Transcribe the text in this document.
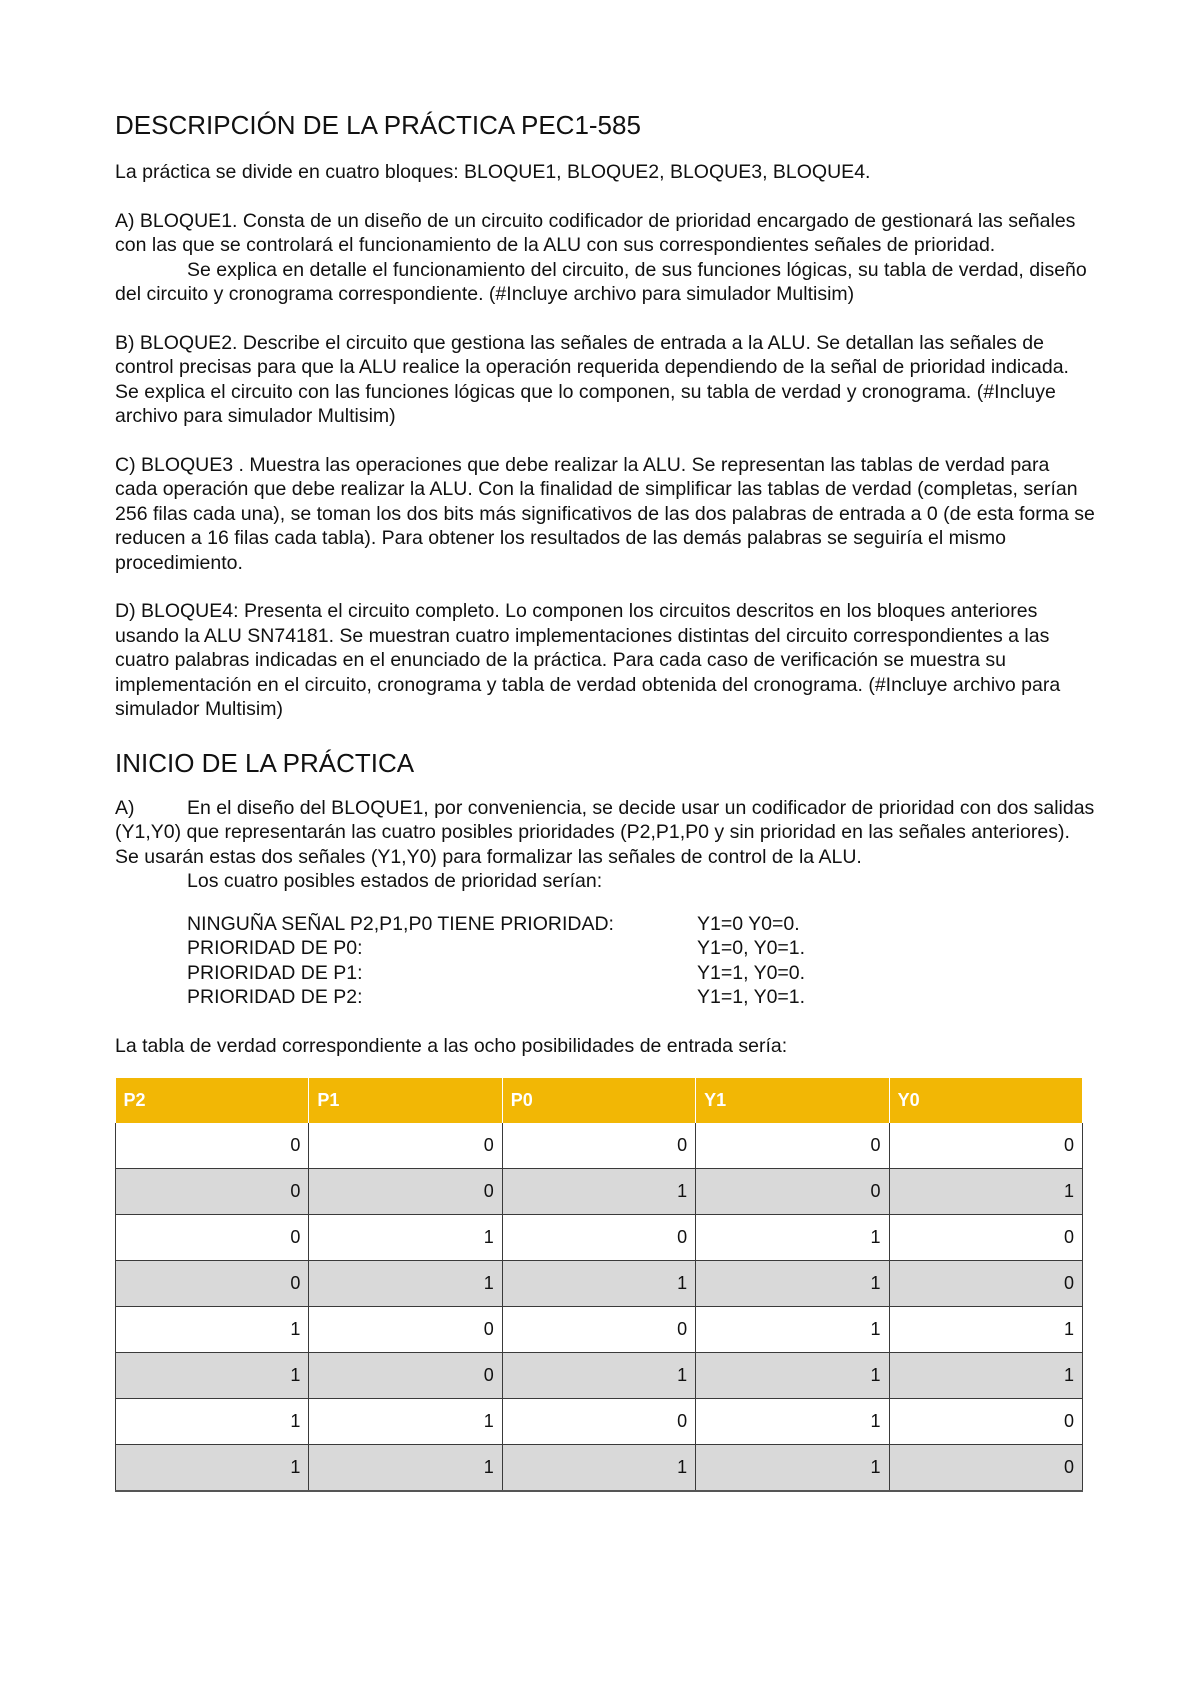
DESCRIPCIÓN DE LA PRÁCTICA PEC1-585

La práctica se divide en cuatro bloques: BLOQUE1, BLOQUE2, BLOQUE3, BLOQUE4.

A) BLOQUE1. Consta de un diseño de un circuito codificador de prioridad encargado de gestionará las señales con las que se controlará el funcionamiento de la ALU con sus correspondientes señales de prioridad.
Se explica en detalle el funcionamiento del circuito, de sus funciones lógicas, su tabla de verdad, diseño del circuito y cronograma correspondiente. (#Incluye archivo para simulador Multisim)

B) BLOQUE2. Describe el circuito que gestiona las señales de entrada a la ALU. Se detallan las señales de control precisas para que la ALU realice la operación requerida dependiendo de la señal de prioridad indicada. Se explica el circuito con las funciones lógicas que lo componen, su tabla de verdad y cronograma. (#Incluye archivo para simulador Multisim)

C) BLOQUE3 . Muestra las operaciones que debe realizar la ALU. Se representan las tablas de verdad para cada operación que debe realizar la ALU. Con la finalidad de simplificar las tablas de verdad (completas, serían 256 filas cada una), se toman los dos bits más significativos de las dos palabras de entrada a 0 (de esta forma se reducen a 16 filas cada tabla). Para obtener los resultados de las demás palabras se seguiría el mismo procedimiento.

D) BLOQUE4: Presenta el circuito completo. Lo componen los circuitos descritos en los bloques anteriores usando la ALU SN74181. Se muestran cuatro implementaciones distintas del circuito correspondientes a las cuatro palabras indicadas en el enunciado de la práctica. Para cada caso de verificación se muestra su implementación en el circuito, cronograma y tabla de verdad obtenida del cronograma. (#Incluye archivo para simulador Multisim)

INICIO DE LA PRÁCTICA
A)	En el diseño del BLOQUE1, por conveniencia, se decide usar un codificador de prioridad con dos salidas (Y1,Y0) que representarán las cuatro posibles prioridades (P2,P1,P0 y sin prioridad en las señales anteriores). Se usarán estas dos señales (Y1,Y0) para formalizar las señales de control de la ALU.
Los cuatro posibles estados de prioridad serían:
NINGUÑA SEÑAL P2,P1,P0 TIENE PRIORIDAD:	Y1=0 Y0=0.
PRIORIDAD DE P0:	Y1=0, Y0=1.
PRIORIDAD DE P1:	Y1=1, Y0=0.
PRIORIDAD DE P2:	Y1=1, Y0=1.
La tabla de verdad correspondiente a las ocho posibilidades de entrada sería:
P2	P1	P0	Y1	Y0
0	0	0	0	0
0	0	1	0	1
0	1	0	1	0
0	1	1	1	0
1	0	0	1	1
1	0	1	1	1
1	1	0	1	0
1	1	1	1	0
